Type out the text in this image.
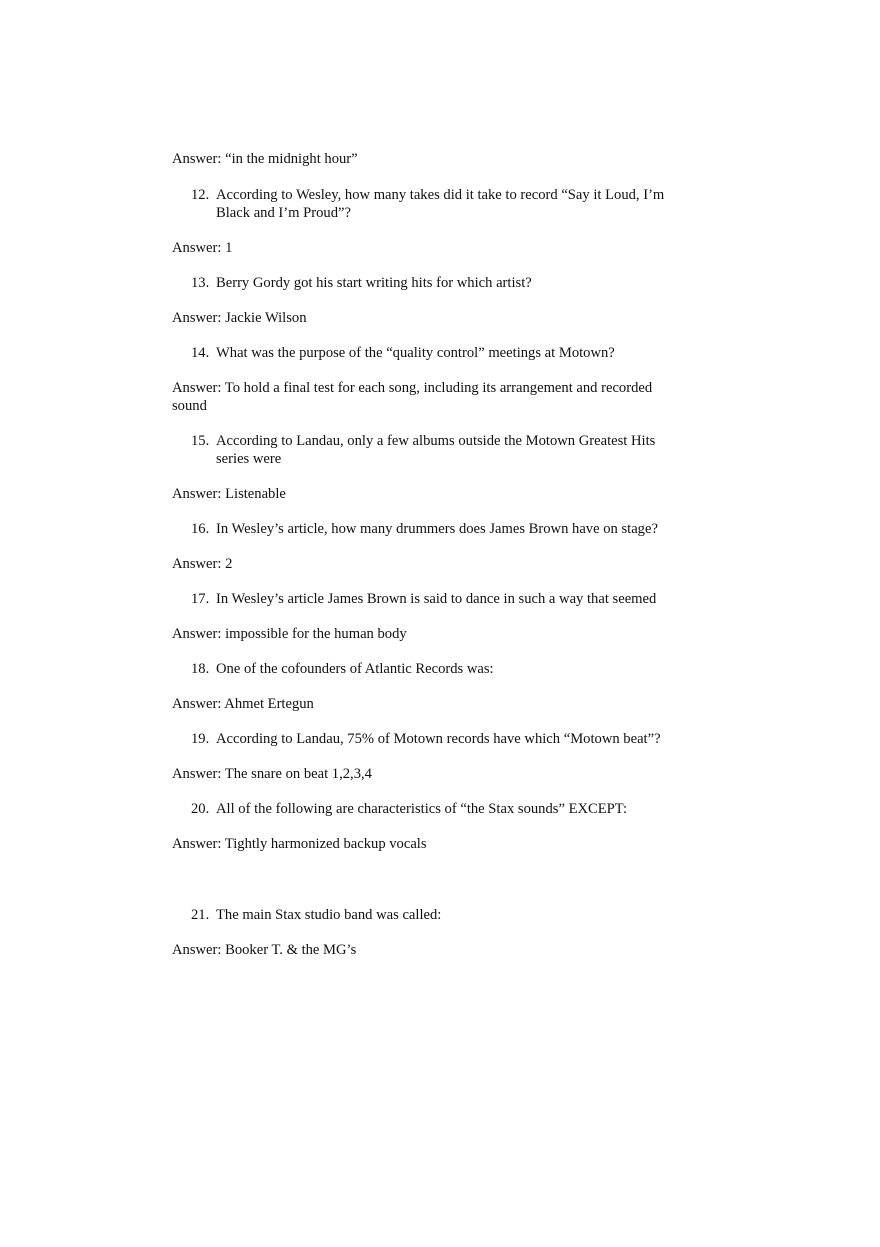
Answer: “in the midnight hour”

12. According to Wesley, how many takes did it take to record “Say it Loud, I’m Black and I’m Proud”?

Answer: 1

13. Berry Gordy got his start writing hits for which artist?

Answer: Jackie Wilson

14. What was the purpose of the “quality control” meetings at Motown?

Answer: To hold a final test for each song, including its arrangement and recorded sound

15. According to Landau, only a few albums outside the Motown Greatest Hits series were

Answer: Listenable

16. In Wesley’s article, how many drummers does James Brown have on stage?

Answer: 2

17. In Wesley’s article James Brown is said to dance in such a way that seemed

Answer: impossible for the human body

18. One of the cofounders of Atlantic Records was:

Answer: Ahmet Ertegun

19. According to Landau, 75% of Motown records have which “Motown beat”?

Answer: The snare on beat 1,2,3,4

20. All of the following are characteristics of “the Stax sounds” EXCEPT:

Answer: Tightly harmonized backup vocals

21. The main Stax studio band was called:

Answer: Booker T. & the MG’s
